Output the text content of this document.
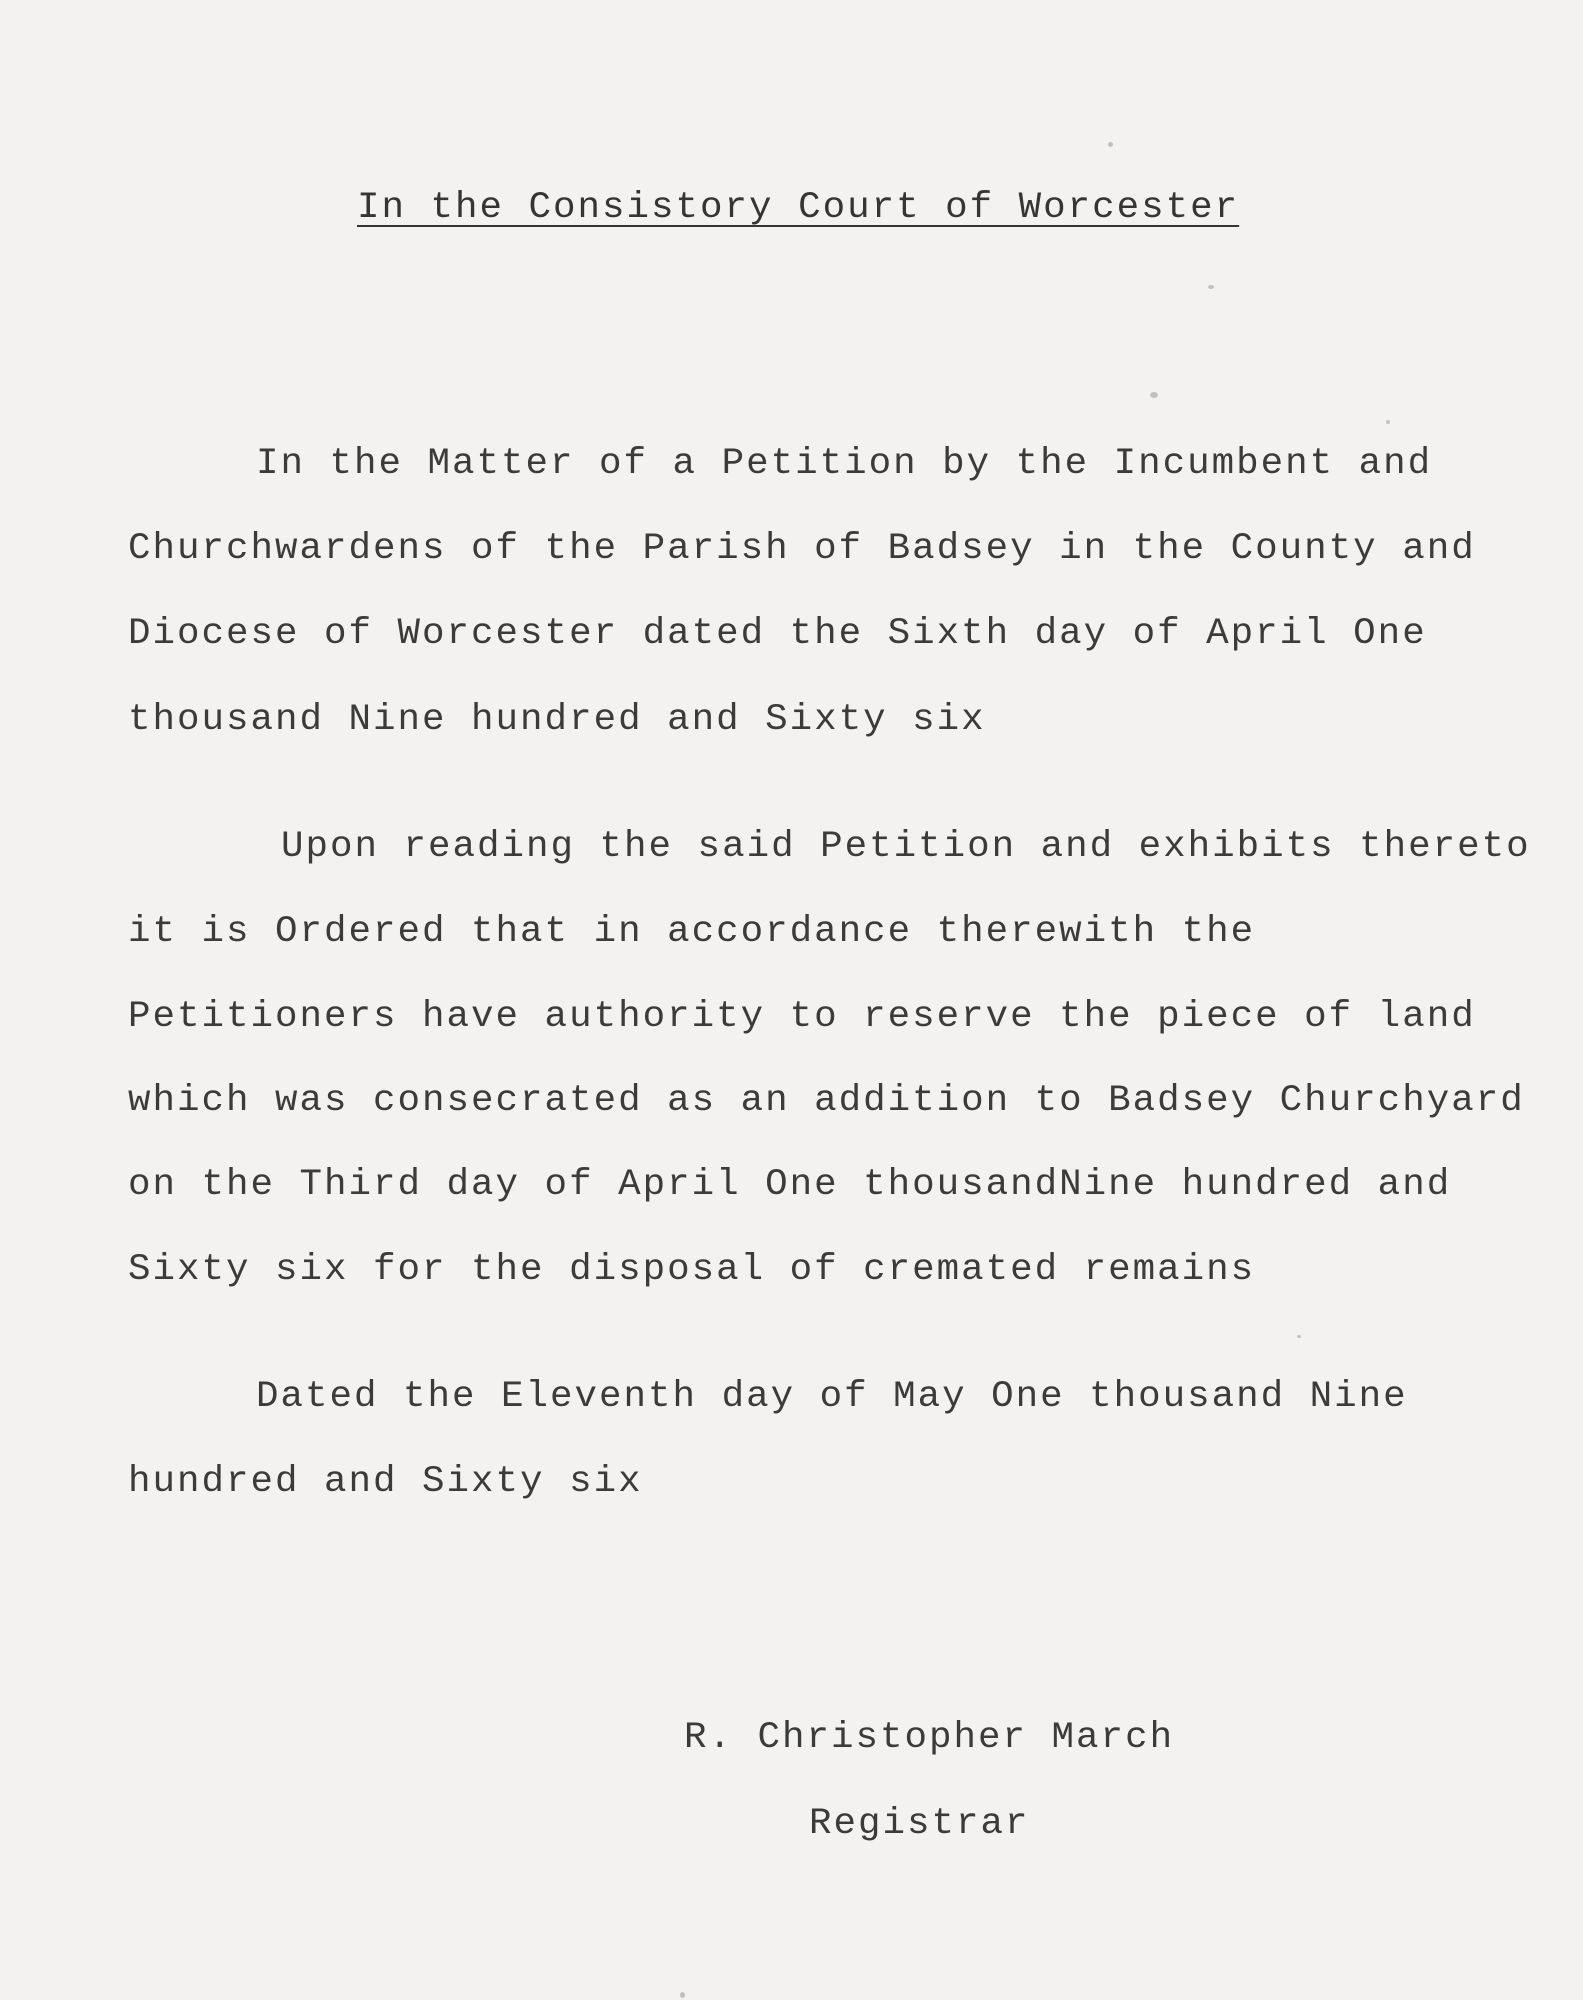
In the Consistory Court of Worcester
In the Matter of a Petition by the Incumbent and
Churchwardens of the Parish of Badsey in the County and
Diocese of Worcester dated the Sixth day of April One
thousand Nine hundred and Sixty six
Upon reading the said Petition and exhibits thereto
it is Ordered that in accordance therewith the
Petitioners have authority to reserve the piece of land
which was consecrated as an addition to Badsey Churchyard
on the Third day of April One thousandNine hundred and
Sixty six for the disposal of cremated remains
Dated the Eleventh day of May One thousand Nine
hundred and Sixty six
R. Christopher March
Registrar
